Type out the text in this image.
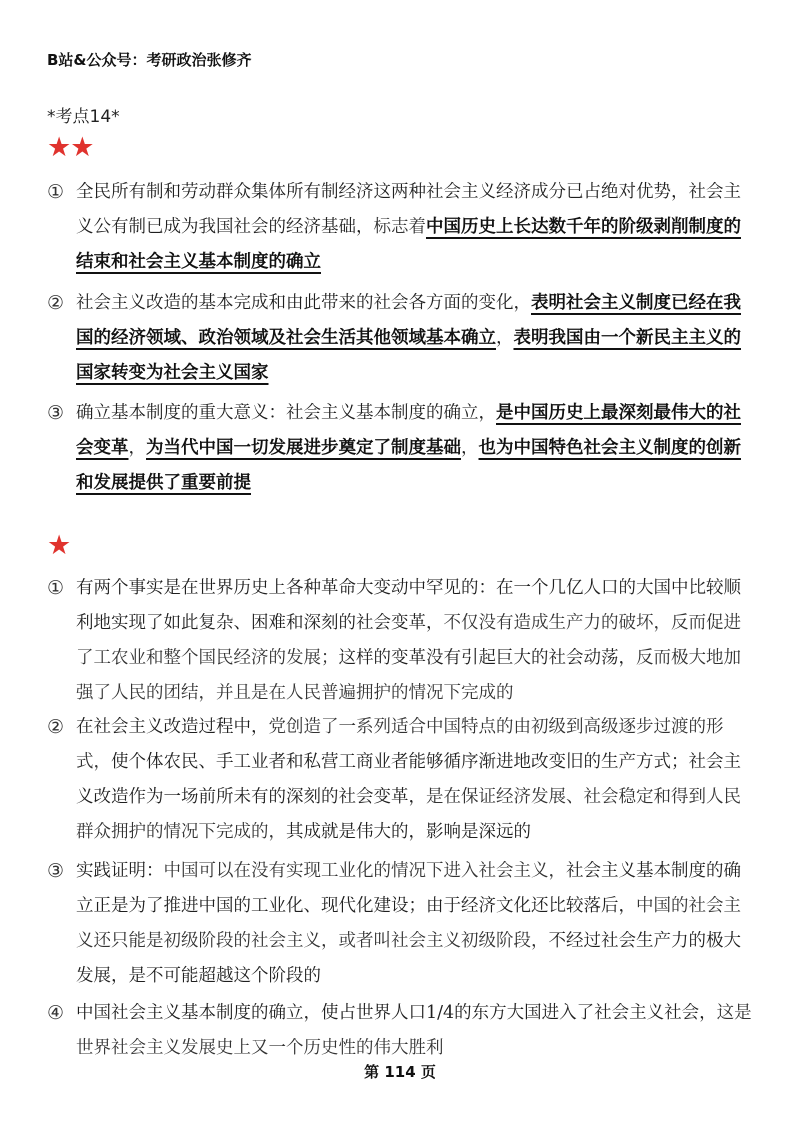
B站&公众号：考研政治张修齐
*考点14*
★★
① 全民所有制和劳动群众集体所有制经济这两种社会主义经济成分已占绝对优势，社会主义公有制已成为我国社会的经济基础，标志着中国历史上长达数千年的阶级剥削制度的结束和社会主义基本制度的确立
② 社会主义改造的基本完成和由此带来的社会各方面的变化，表明社会主义制度已经在我国的经济领域、政治领域及社会生活其他领域基本确立，表明我国由一个新民主主义的国家转变为社会主义国家
③ 确立基本制度的重大意义：社会主义基本制度的确立，是中国历史上最深刻最伟大的社会变革，为当代中国一切发展进步奠定了制度基础，也为中国特色社会主义制度的创新和发展提供了重要前提
★
① 有两个事实是在世界历史上各种革命大变动中罕见的：在一个几亿人口的大国中比较顺利地实现了如此复杂、困难和深刻的社会变革，不仅没有造成生产力的破坏，反而促进了工农业和整个国民经济的发展；这样的变革没有引起巨大的社会动荡，反而极大地加强了人民的团结，并且是在人民普遍拥护的情况下完成的
② 在社会主义改造过程中，党创造了一系列适合中国特点的由初级到高级逐步过渡的形式，使个体农民、手工业者和私营工商业者能够循序渐进地改变旧的生产方式；社会主义改造作为一场前所未有的深刻的社会变革，是在保证经济发展、社会稳定和得到人民群众拥护的情况下完成的，其成就是伟大的，影响是深远的
③ 实践证明：中国可以在没有实现工业化的情况下进入社会主义，社会主义基本制度的确立正是为了推进中国的工业化、现代化建设；由于经济文化还比较落后，中国的社会主义还只能是初级阶段的社会主义，或者叫社会主义初级阶段，不经过社会生产力的极大发展，是不可能超越这个阶段的
④ 中国社会主义基本制度的确立，使占世界人口1/4的东方大国进入了社会主义社会，这是世界社会主义发展史上又一个历史性的伟大胜利
第 114 页
